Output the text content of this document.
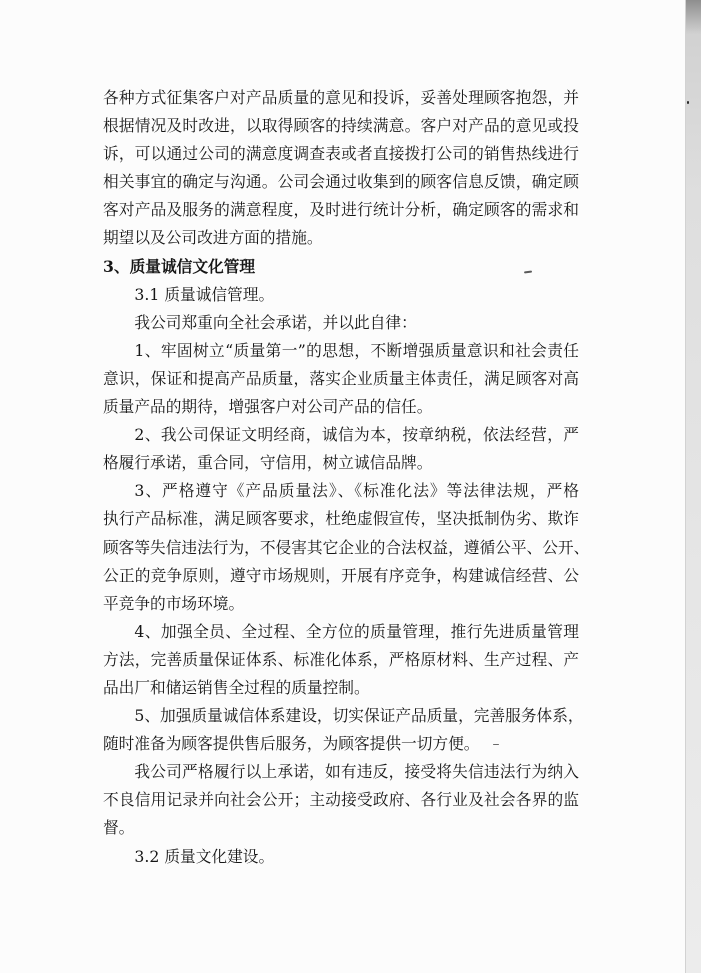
各种方式征集客户对产品质量的意见和投诉，妥善处理顾客抱怨，并
根据情况及时改进，以取得顾客的持续满意。客户对产品的意见或投
诉，可以通过公司的满意度调查表或者直接拨打公司的销售热线进行
相关事宜的确定与沟通。公司会通过收集到的顾客信息反馈，确定顾
客对产品及服务的满意程度，及时进行统计分析，确定顾客的需求和
期望以及公司改进方面的措施。
3、质量诚信文化管理
3.1 质量诚信管理。
我公司郑重向全社会承诺，并以此自律：
1、牢固树立“质量第一”的思想，不断增强质量意识和社会责任
意识，保证和提高产品质量，落实企业质量主体责任，满足顾客对高
质量产品的期待，增强客户对公司产品的信任。
2、我公司保证文明经商，诚信为本，按章纳税，依法经营，严
格履行承诺，重合同，守信用，树立诚信品牌。
3、严格遵守《产品质量法》、《标准化法》等法律法规，严格
执行产品标准，满足顾客要求，杜绝虚假宣传，坚决抵制伪劣、欺诈
顾客等失信违法行为，不侵害其它企业的合法权益，遵循公平、公开、
公正的竞争原则，遵守市场规则，开展有序竞争，构建诚信经营、公
平竞争的市场环境。
4、加强全员、全过程、全方位的质量管理，推行先进质量管理
方法，完善质量保证体系、标准化体系，严格原材料、生产过程、产
品出厂和储运销售全过程的质量控制。
5、加强质量诚信体系建设，切实保证产品质量，完善服务体系，
随时准备为顾客提供售后服务，为顾客提供一切方便。
我公司严格履行以上承诺，如有违反，接受将失信违法行为纳入
不良信用记录并向社会公开；主动接受政府、各行业及社会各界的监
督。
3.2 质量文化建设。
